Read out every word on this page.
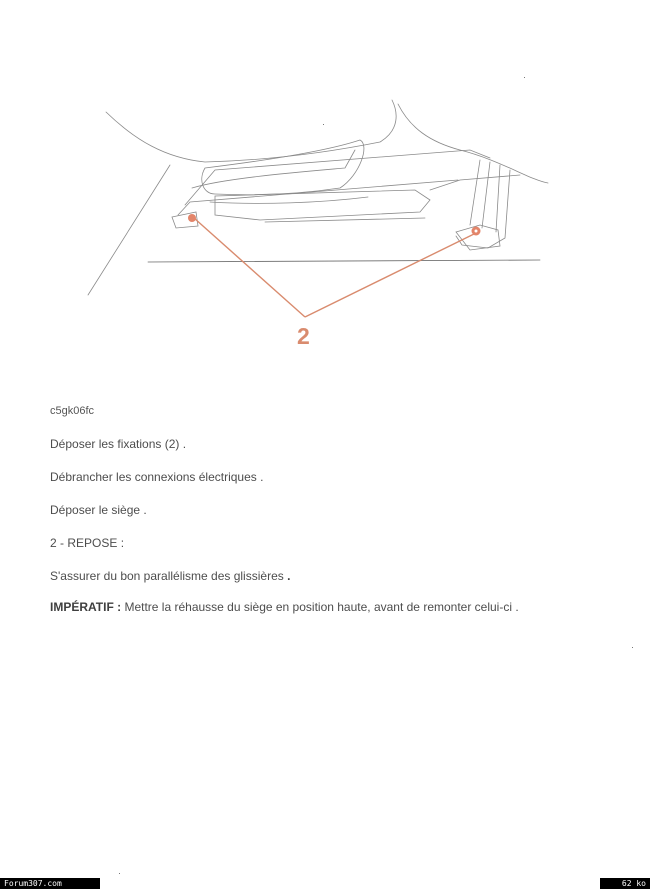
2
c5gk06fc
Déposer les fixations (2) .
Débrancher les connexions électriques .
Déposer le siège .
2 - REPOSE :
S'assurer du bon parallélisme des glissières .
IMPÉRATIF : Mettre la réhausse du siège en position haute, avant de remonter celui-ci .
Forum307.com	62 ko
